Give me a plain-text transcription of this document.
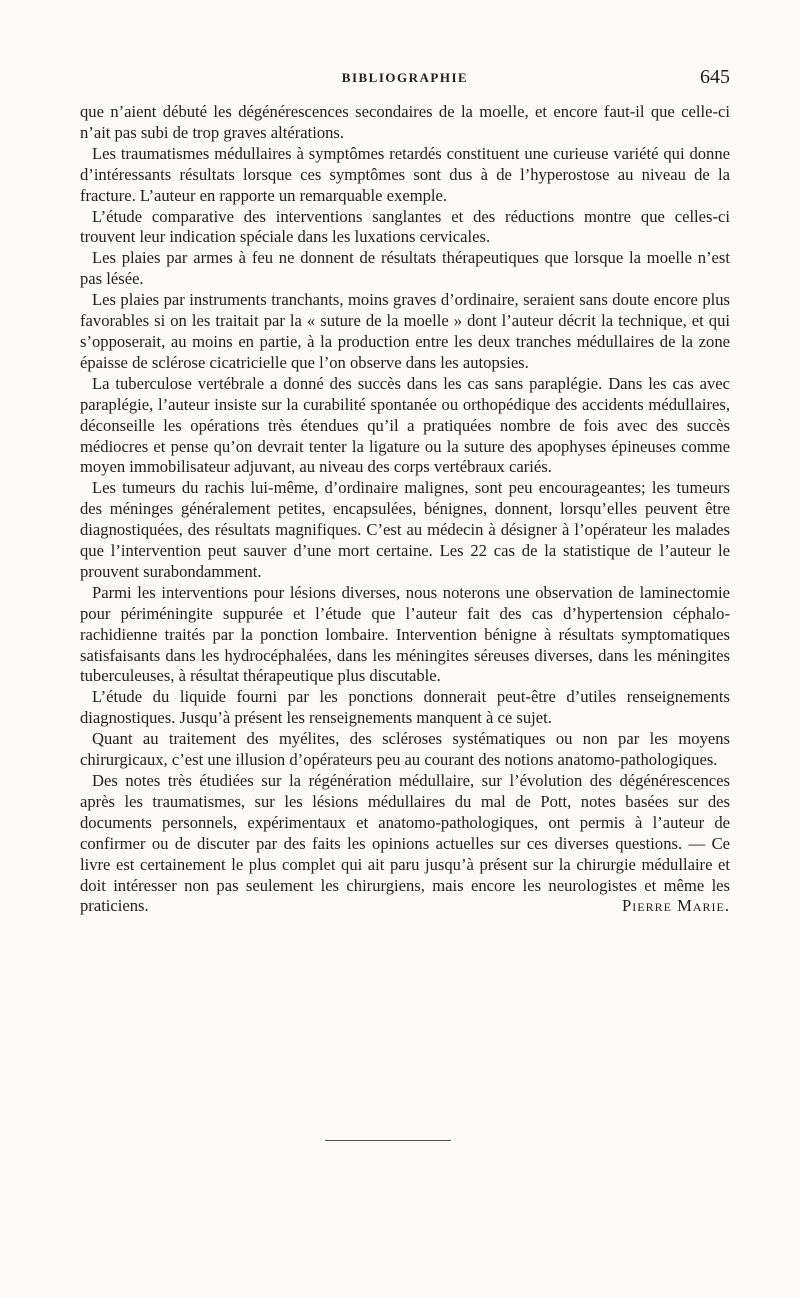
BIBLIOGRAPHIE	645

que n’aient débuté les dégénérescences secondaires de la moelle, et encore faut-il que celle-ci n’ait pas subi de trop graves altérations.

Les traumatismes médullaires à symptômes retardés constituent une curieuse variété qui donne d’intéressants résultats lorsque ces symptômes sont dus à de l’hyperostose au niveau de la fracture. L’auteur en rapporte un remarquable exemple.

L’étude comparative des interventions sanglantes et des réductions montre que celles-ci trouvent leur indication spéciale dans les luxations cervicales.

Les plaies par armes à feu ne donnent de résultats thérapeutiques que lorsque la moelle n’est pas lésée.

Les plaies par instruments tranchants, moins graves d’ordinaire, seraient sans doute encore plus favorables si on les traitait par la « suture de la moelle » dont l’auteur décrit la technique, et qui s’opposerait, au moins en partie, à la production entre les deux tranches médullaires de la zone épaisse de sclérose cicatricielle que l’on observe dans les autopsies.

La tuberculose vertébrale a donné des succès dans les cas sans paraplégie. Dans les cas avec paraplégie, l’auteur insiste sur la curabilité spontanée ou orthopédique des accidents médullaires, déconseille les opérations très étendues qu’il a pratiquées nombre de fois avec des succès médiocres et pense qu’on devrait tenter la ligature ou la suture des apophyses épineuses comme moyen immobilisateur adjuvant, au niveau des corps vertébraux cariés.

Les tumeurs du rachis lui-même, d’ordinaire malignes, sont peu encourageantes; les tumeurs des méninges généralement petites, encapsulées, bénignes, donnent, lorsqu’elles peuvent être diagnostiquées, des résultats magnifiques. C’est au médecin à désigner à l’opérateur les malades que l’intervention peut sauver d’une mort certaine. Les 22 cas de la statistique de l’auteur le prouvent surabondamment.

Parmi les interventions pour lésions diverses, nous noterons une observation de laminectomie pour périméningite suppurée et l’étude que l’auteur fait des cas d’hypertension céphalo-rachidienne traités par la ponction lombaire. Intervention bénigne à résultats symptomatiques satisfaisants dans les hydrocéphalées, dans les méningites séreuses diverses, dans les méningites tuberculeuses, à résultat thérapeutique plus discutable.

L’étude du liquide fourni par les ponctions donnerait peut-être d’utiles renseignements diagnostiques. Jusqu’à présent les renseignements manquent à ce sujet.

Quant au traitement des myélites, des scléroses systématiques ou non par les moyens chirurgicaux, c’est une illusion d’opérateurs peu au courant des notions anatomo-pathologiques.

Des notes très étudiées sur la régénération médullaire, sur l’évolution des dégénérescences après les traumatismes, sur les lésions médullaires du mal de Pott, notes basées sur des documents personnels, expérimentaux et anatomo-pathologiques, ont permis à l’auteur de confirmer ou de discuter par des faits les opinions actuelles sur ces diverses questions. — Ce livre est certainement le plus complet qui ait paru jusqu’à présent sur la chirurgie médullaire et doit intéresser non pas seulement les chirurgiens, mais encore les neurologistes et même les praticiens.	Pierre Marie.
